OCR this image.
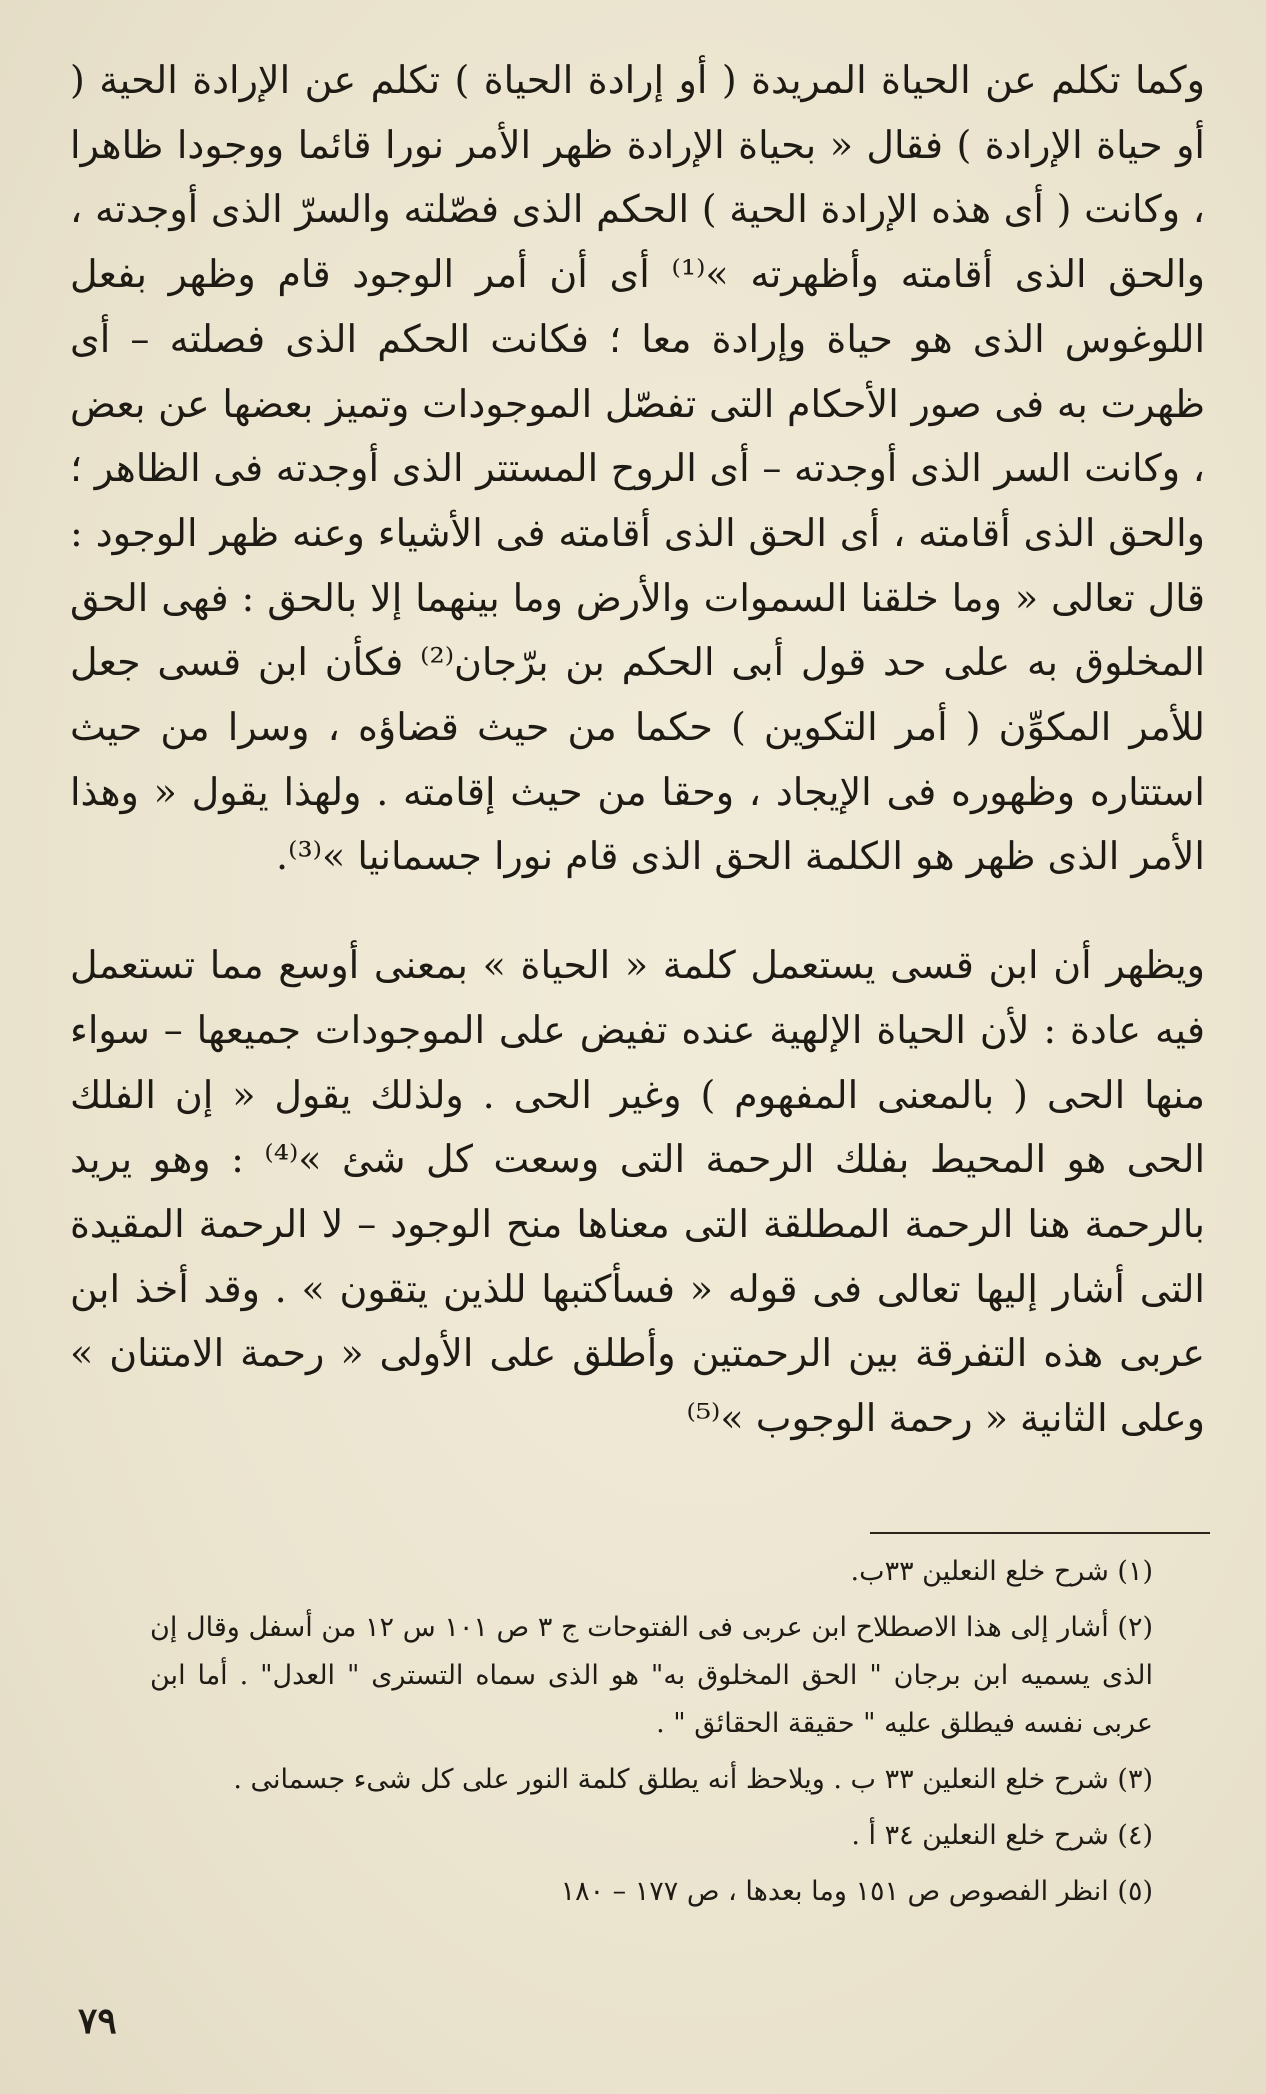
وكما تكلم عن الحياة المريدة ( أو إرادة الحياة ) تكلم عن الإرادة الحية ( أو حياة الإرادة ) فقال « بحياة الإرادة ظهر الأمر نورا قائما ووجودا ظاهرا ، وكانت ( أى هذه الإرادة الحية ) الحكم الذى فصّلته والسرّ الذى أوجدته ، والحق الذى أقامته وأظهرته »⁽¹⁾ أى أن أمر الوجود قام وظهر بفعل اللوغوس الذى هو حياة وإرادة معا ؛ فكانت الحكم الذى فصلته – أى ظهرت به فى صور الأحكام التى تفصّل الموجودات وتميز بعضها عن بعض ، وكانت السر الذى أوجدته – أى الروح المستتر الذى أوجدته فى الظاهر ؛ والحق الذى أقامته ، أى الحق الذى أقامته فى الأشياء وعنه ظهر الوجود : قال تعالى « وما خلقنا السموات والأرض وما بينهما إلا بالحق : فهى الحق المخلوق به على حد قول أبى الحكم بن برّجان⁽²⁾ فكأن ابن قسى جعل للأمر المكوِّن ( أمر التكوين ) حكما من حيث قضاؤه ، وسرا من حيث استتاره وظهوره فى الإيجاد ، وحقا من حيث إقامته . ولهذا يقول « وهذا الأمر الذى ظهر هو الكلمة الحق الذى قام نورا جسمانيا »⁽³⁾.

ويظهر أن ابن قسى يستعمل كلمة « الحياة » بمعنى أوسع مما تستعمل فيه عادة : لأن الحياة الإلهية عنده تفيض على الموجودات جميعها – سواء منها الحى ( بالمعنى المفهوم ) وغير الحى . ولذلك يقول « إن الفلك الحى هو المحيط بفلك الرحمة التى وسعت كل شئ »⁽⁴⁾ : وهو يريد بالرحمة هنا الرحمة المطلقة التى معناها منح الوجود – لا الرحمة المقيدة التى أشار إليها تعالى فى قوله « فسأكتبها للذين يتقون » . وقد أخذ ابن عربى هذه التفرقة بين الرحمتين وأطلق على الأولى « رحمة الامتنان » وعلى الثانية « رحمة الوجوب »⁽⁵⁾

(١) شرح خلع النعلين ٣٣ب.

(٢) أشار إلى هذا الاصطلاح ابن عربى فى الفتوحات ج ٣ ص ١٠١ س ١٢ من أسفل وقال إن الذى يسميه ابن برجان " الحق المخلوق به" هو الذى سماه التسترى " العدل" . أما ابن عربى نفسه فيطلق عليه " حقيقة الحقائق " .

(٣) شرح خلع النعلين ٣٣ ب . ويلاحظ أنه يطلق كلمة النور على كل شىء جسمانى .

(٤) شرح خلع النعلين ٣٤ أ .

(٥) انظر الفصوص ص ١٥١ وما بعدها ، ص ١٧٧ – ١٨٠

٧٩
